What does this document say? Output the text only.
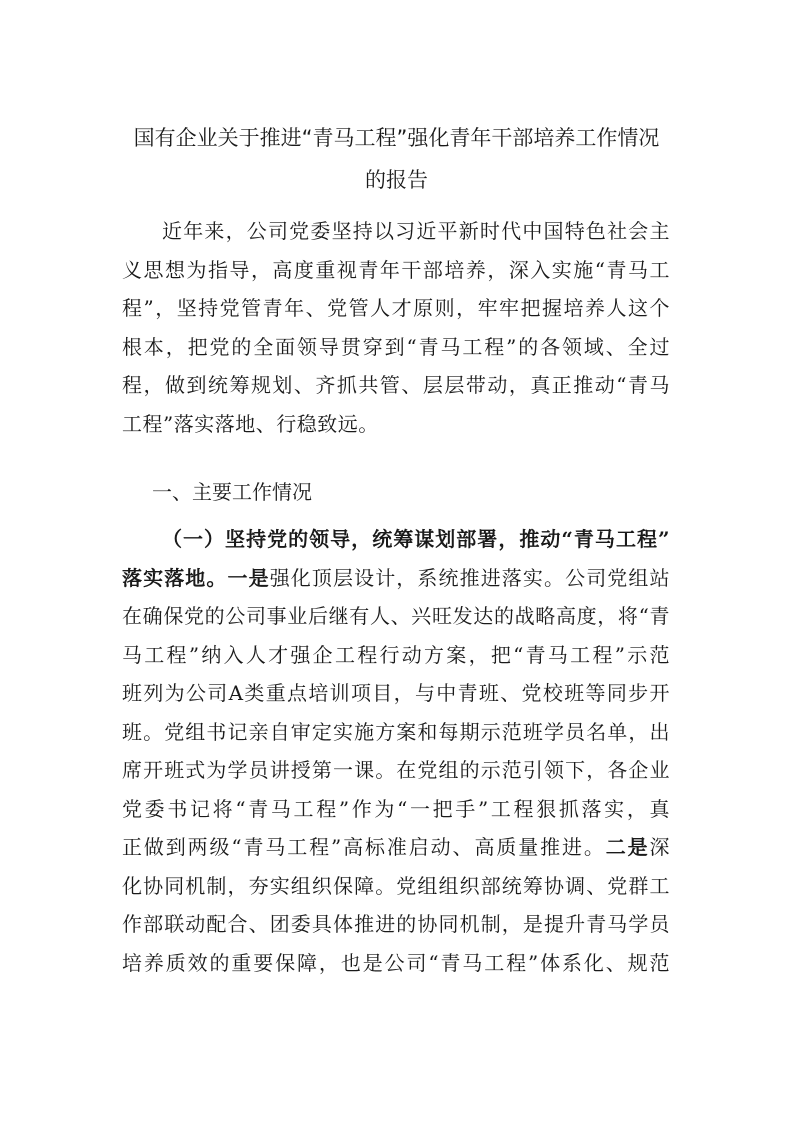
国有企业关于推进“青马工程”强化青年干部培养工作情况
的报告
近年来，公司党委坚持以习近平新时代中国特色社会主
义思想为指导，高度重视青年干部培养，深入实施“青马工
程”，坚持党管青年、党管人才原则，牢牢把握培养人这个
根本，把党的全面领导贯穿到“青马工程”的各领域、全过
程，做到统筹规划、齐抓共管、层层带动，真正推动“青马
工程”落实落地、行稳致远。
一、主要工作情况
（一）坚持党的领导，统筹谋划部署，推动“青马工程”
落实落地。一是强化顶层设计，系统推进落实。公司党组站
在确保党的公司事业后继有人、兴旺发达的战略高度，将“青
马工程”纳入人才强企工程行动方案，把“青马工程”示范
班列为公司A类重点培训项目，与中青班、党校班等同步开
班。党组书记亲自审定实施方案和每期示范班学员名单，出
席开班式为学员讲授第一课。在党组的示范引领下，各企业
党委书记将“青马工程”作为“一把手”工程狠抓落实，真
正做到两级“青马工程”高标准启动、高质量推进。二是深
化协同机制，夯实组织保障。党组组织部统筹协调、党群工
作部联动配合、团委具体推进的协同机制，是提升青马学员
培养质效的重要保障，也是公司“青马工程”体系化、规范
